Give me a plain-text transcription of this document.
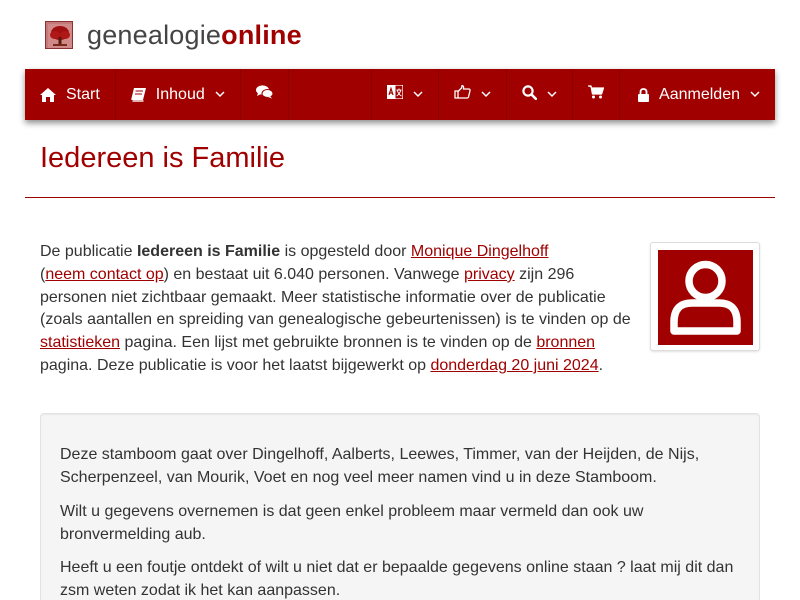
genealogieonline
Start	Inhoud	Aanmelden
Iedereen is Familie
De publicatie Iedereen is Familie is opgesteld door Monique Dingelhoff
(neem contact op) en bestaat uit 6.040 personen. Vanwege privacy zijn 296 personen niet zichtbaar gemaakt. Meer statistische informatie over de publicatie (zoals aantallen en spreiding van genealogische gebeurtenissen) is te vinden op de statistieken pagina. Een lijst met gebruikte bronnen is te vinden op de bronnen pagina. Deze publicatie is voor het laatst bijgewerkt op donderdag 20 juni 2024.

Deze stamboom gaat over Dingelhoff, Aalberts, Leewes, Timmer, van der Heijden, de Nijs, Scherpenzeel, van Mourik, Voet en nog veel meer namen vind u in deze Stamboom.

Wilt u gegevens overnemen is dat geen enkel probleem maar vermeld dan ook uw bronvermelding aub.

Heeft u een foutje ontdekt of wilt u niet dat er bepaalde gegevens online staan ? laat mij dit dan zsm weten zodat ik het kan aanpassen.
